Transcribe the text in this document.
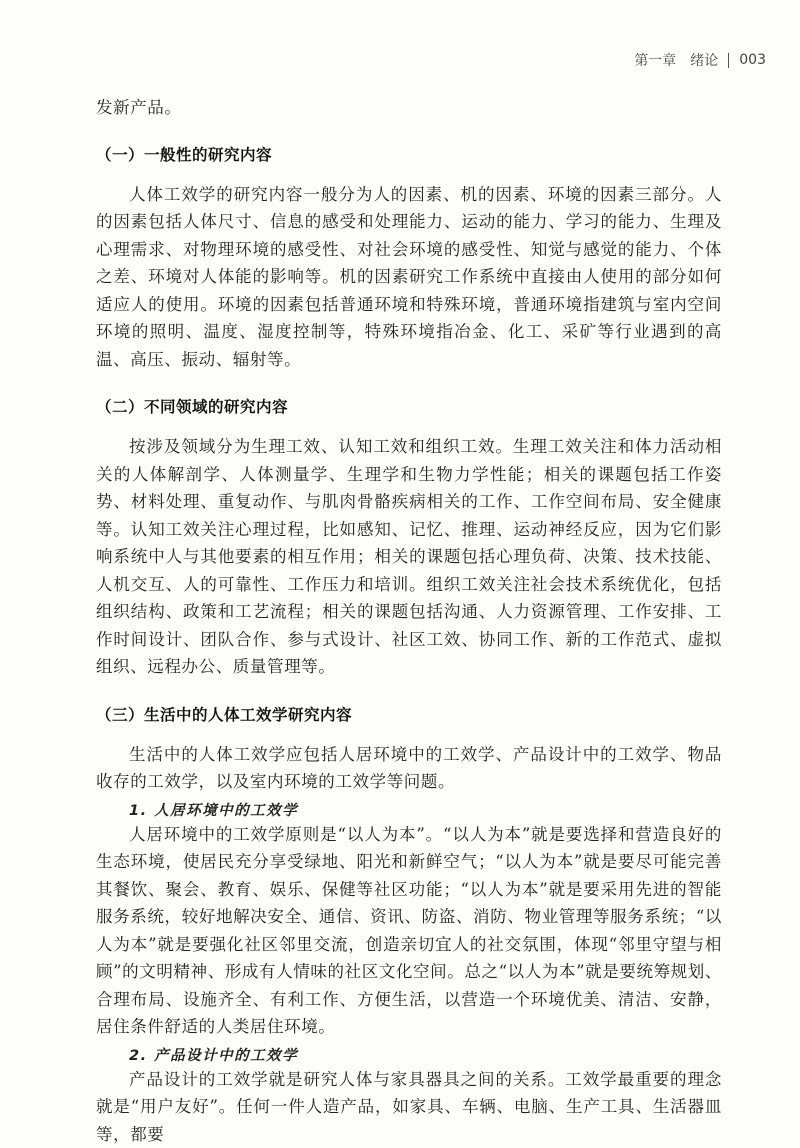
第一章　绪论 003

发新产品。

（一）一般性的研究内容

人体工效学的研究内容一般分为人的因素、机的因素、环境的因素三部分。人的因素包括人体尺寸、信息的感受和处理能力、运动的能力、学习的能力、生理及心理需求、对物理环境的感受性、对社会环境的感受性、知觉与感觉的能力、个体之差、环境对人体能的影响等。机的因素研究工作系统中直接由人使用的部分如何适应人的使用。环境的因素包括普通环境和特殊环境，普通环境指建筑与室内空间环境的照明、温度、湿度控制等，特殊环境指冶金、化工、采矿等行业遇到的高温、高压、振动、辐射等。

（二）不同领域的研究内容

按涉及领域分为生理工效、认知工效和组织工效。生理工效关注和体力活动相关的人体解剖学、人体测量学、生理学和生物力学性能；相关的课题包括工作姿势、材料处理、重复动作、与肌肉骨骼疾病相关的工作、工作空间布局、安全健康等。认知工效关注心理过程，比如感知、记忆、推理、运动神经反应，因为它们影响系统中人与其他要素的相互作用；相关的课题包括心理负荷、决策、技术技能、人机交互、人的可靠性、工作压力和培训。组织工效关注社会技术系统优化，包括组织结构、政策和工艺流程；相关的课题包括沟通、人力资源管理、工作安排、工作时间设计、团队合作、参与式设计、社区工效、协同工作、新的工作范式、虚拟组织、远程办公、质量管理等。

（三）生活中的人体工效学研究内容

生活中的人体工效学应包括人居环境中的工效学、产品设计中的工效学、物品收存的工效学，以及室内环境的工效学等问题。

1. 人居环境中的工效学

人居环境中的工效学原则是“以人为本”。“以人为本”就是要选择和营造良好的生态环境，使居民充分享受绿地、阳光和新鲜空气；“以人为本”就是要尽可能完善其餐饮、聚会、教育、娱乐、保健等社区功能；“以人为本”就是要采用先进的智能服务系统，较好地解决安全、通信、资讯、防盗、消防、物业管理等服务系统；“以人为本”就是要强化社区邻里交流，创造亲切宜人的社交氛围，体现“邻里守望与相顾”的文明精神、形成有人情味的社区文化空间。总之“以人为本”就是要统筹规划、合理布局、设施齐全、有利工作、方便生活，以营造一个环境优美、清洁、安静，居住条件舒适的人类居住环境。

2. 产品设计中的工效学

产品设计的工效学就是研究人体与家具器具之间的关系。工效学最重要的理念就是“用户友好”。任何一件人造产品，如家具、车辆、电脑、生产工具、生活器皿等，都要
